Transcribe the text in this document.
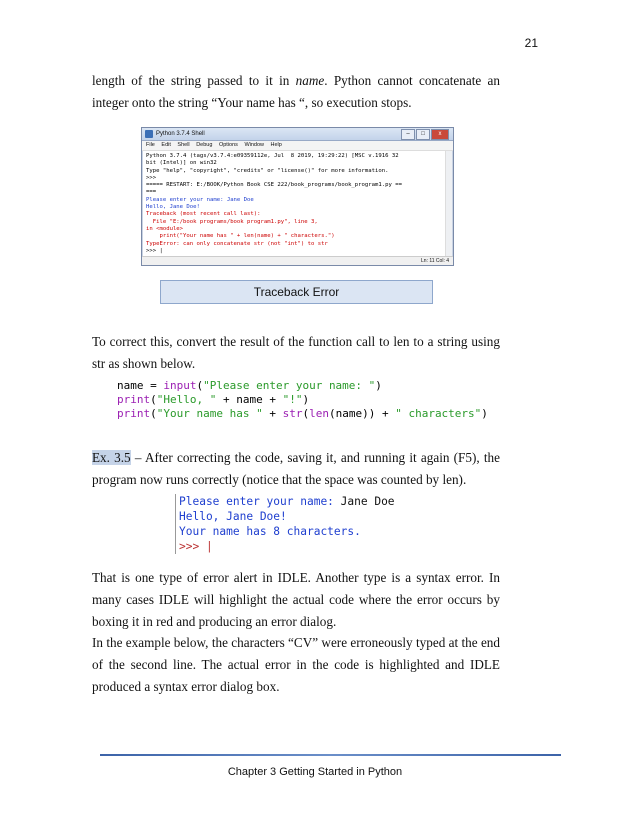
21

length of the string passed to it in name. Python cannot concatenate an integer onto the string “Your name has “, so execution stops.

Python 3.7.4 Shell	–	□	x
File Edit Shell Debug Options Window Help
Python 3.7.4 (tags/v3.7.4:e09359112e, Jul  8 2019, 19:29:22) [MSC v.1916 32
bit (Intel)] on win32
Type "help", "copyright", "credits" or "license()" for more information.
>>>
===== RESTART: E:/BOOK/Python Book CSE 222/book_programs/book_program1.py ==
===
Please enter your name: Jane Doe
Hello, Jane Doe!
Traceback (most recent call last):
File "E:/book programs/book program1.py", line 3,
in <module>
print("Your name has " + len(name) + " characters.")
TypeError: can only concatenate str (not "int") to str
>>> |
Ln: 11 Col: 4
Traceback Error

To correct this, convert the result of the function call to len to a string using str as shown below.

name = input("Please enter your name: ")
print("Hello, " + name + "!")
print("Your name has " + str(len(name)) + " characters")

Ex. 3.5 – After correcting the code, saving it, and running it again (F5), the program now runs correctly (notice that the space was counted by len).

Please enter your name: Jane Doe
Hello, Jane Doe!
Your name has 8 characters.
>>> |

That is one type of error alert in IDLE. Another type is a syntax error. In many cases IDLE will highlight the actual code where the error occurs by boxing it in red and producing an error dialog.

In the example below, the characters “CV” were erroneously typed at the end of the second line. The actual error in the code is highlighted and IDLE produced a syntax error dialog box.

Chapter 3 Getting Started in Python
